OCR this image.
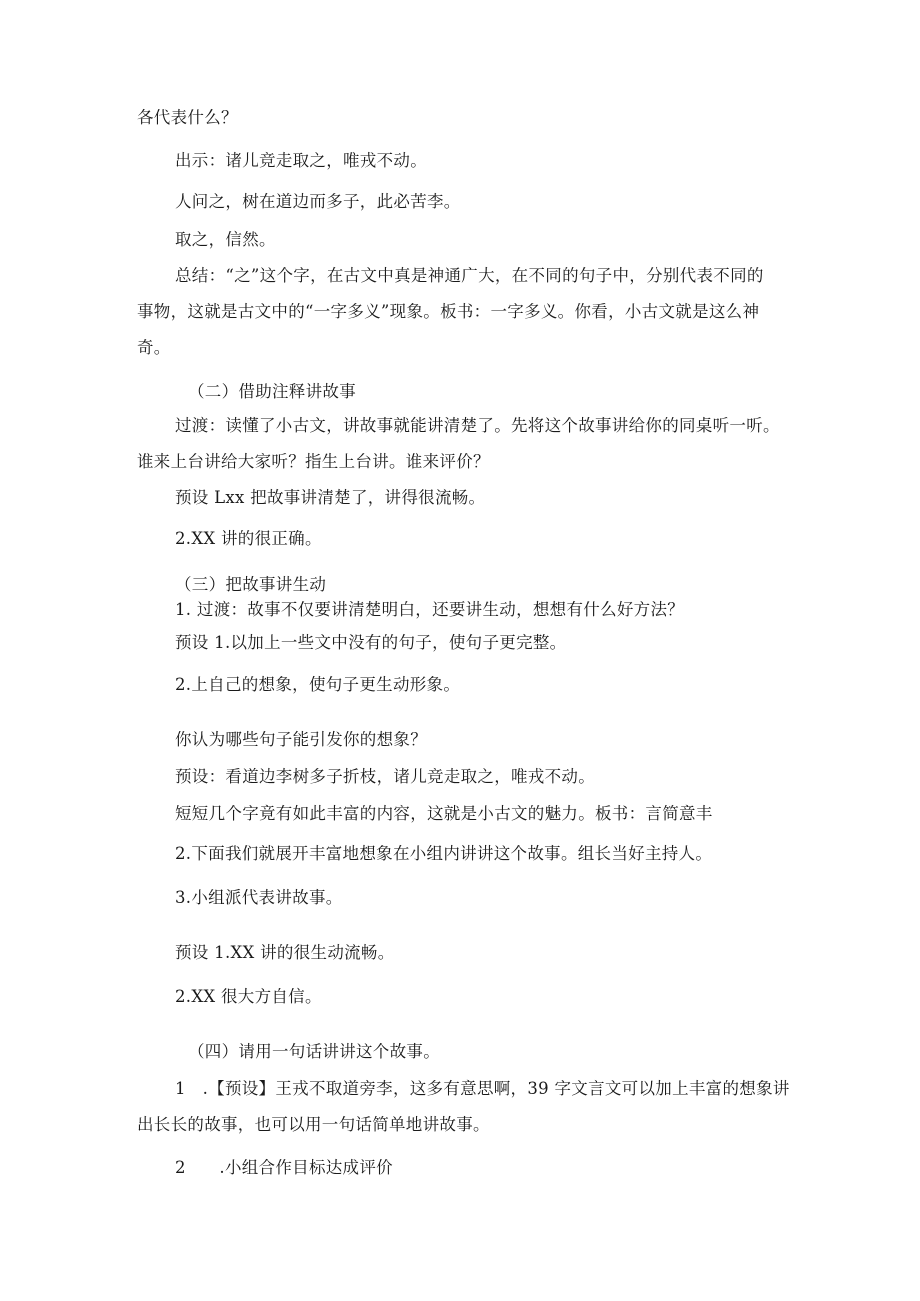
各代表什么？
出示：诸儿竞走取之，唯戎不动。
人问之，树在道边而多子，此必苦李。
取之，信然。
总结：“之”这个字，在古文中真是神通广大，在不同的句子中，分别代表不同的
事物，这就是古文中的“一字多义”现象。板书：一字多义。你看，小古文就是这么神
奇。
（二）借助注释讲故事
过渡：读懂了小古文，讲故事就能讲清楚了。先将这个故事讲给你的同桌听一听。
谁来上台讲给大家听？指生上台讲。谁来评价？
预设 Lxx 把故事讲清楚了，讲得很流畅。
2.XX 讲的很正确。
（三）把故事讲生动
1. 过渡：故事不仅要讲清楚明白，还要讲生动，想想有什么好方法？
预设 1.以加上一些文中没有的句子，使句子更完整。
2.上自己的想象，使句子更生动形象。
你认为哪些句子能引发你的想象？
预设：看道边李树多子折枝，诸儿竞走取之，唯戎不动。
短短几个字竟有如此丰富的内容，这就是小古文的魅力。板书：言简意丰
2.下面我们就展开丰富地想象在小组内讲讲这个故事。组长当好主持人。
3.小组派代表讲故事。
预设 1.XX 讲的很生动流畅。
2.XX 很大方自信。
（四）请用一句话讲讲这个故事。
1　.【预设】王戎不取道旁李，这多有意思啊，39 字文言文可以加上丰富的想象讲
出长长的故事，也可以用一句话简单地讲故事。
2　　.小组合作目标达成评价
